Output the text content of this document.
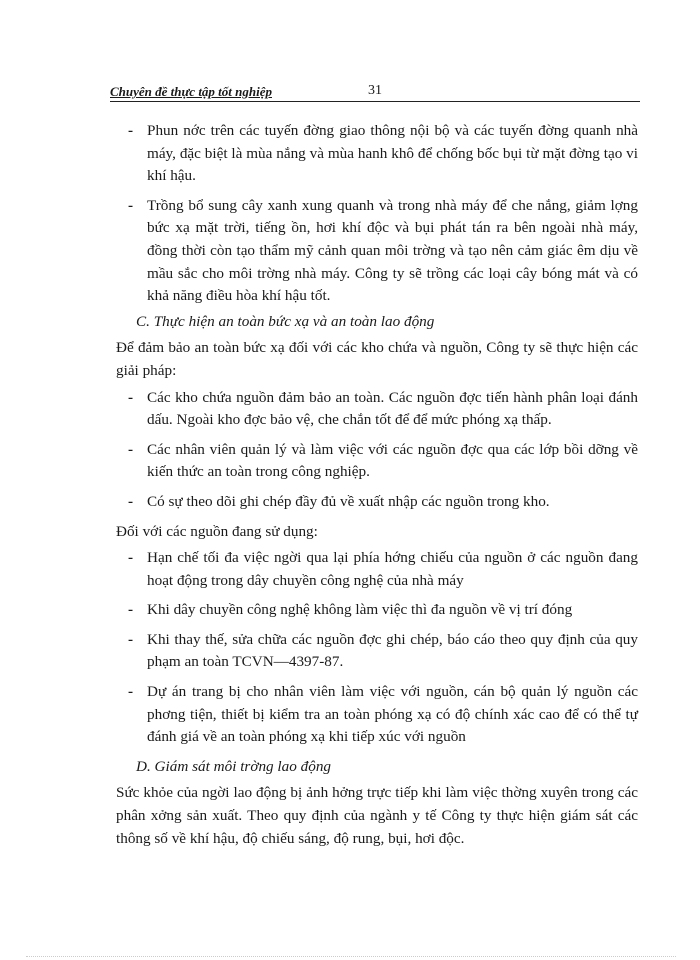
Chuyên đề thực tập tốt nghiệp	31
- Phun nớc trên các tuyến đờng giao thông nội bộ và các tuyến đờng quanh nhà máy, đặc biệt là mùa nắng và mùa hanh khô để chống bốc bụi từ mặt đờng tạo vi khí hậu.
- Trồng bổ sung cây xanh xung quanh và trong nhà máy để che nắng, giảm lợng bức xạ mặt trời, tiếng ồn, hơi khí độc và bụi phát tán ra bên ngoài nhà máy, đồng thời còn tạo thẩm mỹ cảnh quan môi trờng và tạo nên cảm giác êm dịu về mầu sắc cho môi trờng nhà máy. Công ty sẽ trồng các loại cây bóng mát và có khả năng điều hòa khí hậu tốt.

C. Thực hiện an toàn bức xạ và an toàn lao động

Để đảm bảo an toàn bức xạ đối với các kho chứa và nguồn, Công ty sẽ thực hiện các giải pháp:

- Các kho chứa nguồn đảm bảo an toàn. Các nguồn đợc tiến hành phân loại đánh dấu. Ngoài kho đợc bảo vệ, che chắn tốt để để mức phóng xạ thấp.
- Các nhân viên quản lý và làm việc với các nguồn đợc qua các lớp bồi dỡng về kiến thức an toàn trong công nghiệp.
- Có sự theo dõi ghi chép đầy đủ về xuất nhập các nguồn trong kho.

Đối với các nguồn đang sử dụng:

- Hạn chế tối đa việc ngời qua lại phía hớng chiếu của nguồn ở các nguồn đang hoạt động trong dây chuyền công nghệ của nhà máy
- Khi dây chuyền công nghệ không làm việc thì đa nguồn về vị trí đóng
- Khi thay thế, sửa chữa các nguồn đợc ghi chép, báo cáo theo quy định của quy phạm an toàn TCVN—4397-87.
- Dự án trang bị cho nhân viên làm việc với nguồn, cán bộ quản lý nguồn các phơng tiện, thiết bị kiểm tra an toàn phóng xạ có độ chính xác cao để có thể tự đánh giá về an toàn phóng xạ khi tiếp xúc với nguồn

D. Giám sát môi trờng lao động

Sức khỏe của ngời lao động bị ảnh hởng trực tiếp khi làm việc thờng xuyên trong các phân xởng sản xuất. Theo quy định của ngành y tế Công ty thực hiện giám sát các thông số về khí hậu, độ chiếu sáng, độ rung, bụi, hơi độc.
